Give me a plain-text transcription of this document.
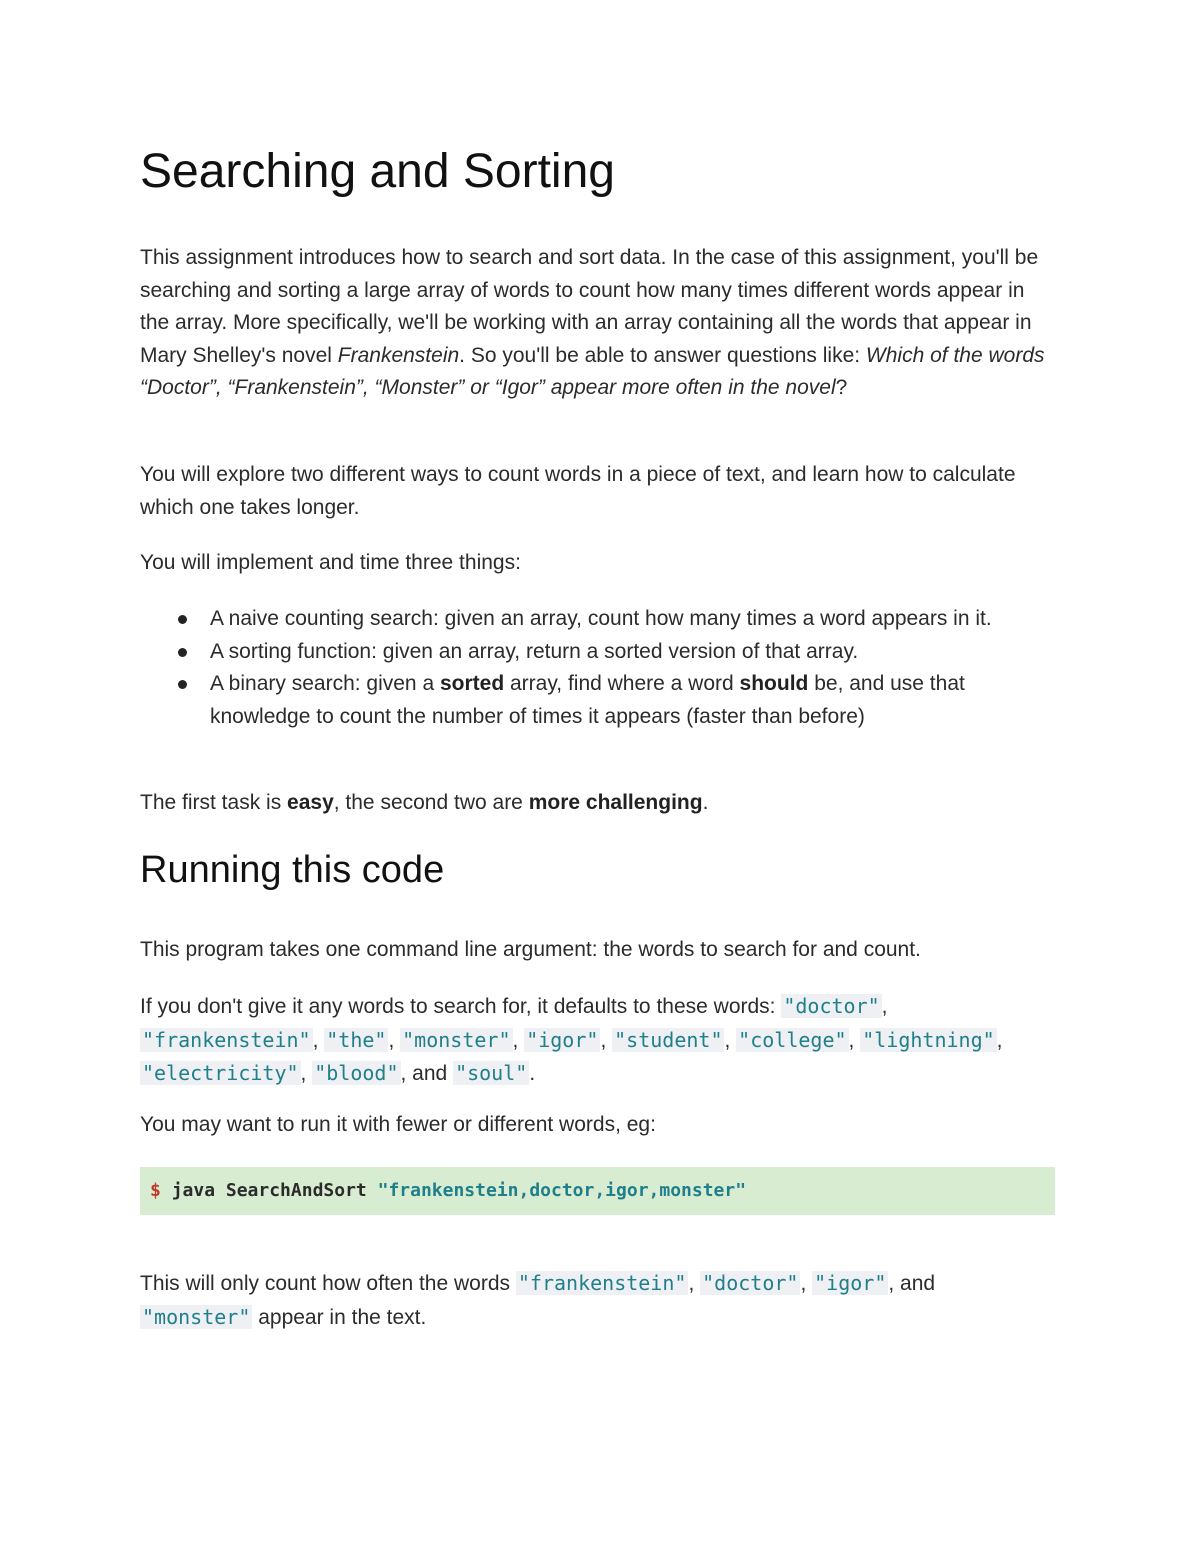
Searching and Sorting

This assignment introduces how to search and sort data. In the case of this assignment, you'll be searching and sorting a large array of words to count how many times different words appear in the array. More specifically, we'll be working with an array containing all the words that appear in Mary Shelley's novel Frankenstein. So you'll be able to answer questions like: Which of the words “Doctor”, “Frankenstein”, “Monster” or “Igor” appear more often in the novel?

You will explore two different ways to count words in a piece of text, and learn how to calculate which one takes longer.

You will implement and time three things:

A naive counting search: given an array, count how many times a word appears in it.
A sorting function: given an array, return a sorted version of that array.
A binary search: given a sorted array, find where a word should be, and use that knowledge to count the number of times it appears (faster than before)

The first task is easy, the second two are more challenging.

Running this code

This program takes one command line argument: the words to search for and count.

If you don't give it any words to search for, it defaults to these words: "doctor", "frankenstein", "the", "monster", "igor", "student", "college", "lightning", "electricity", "blood", and "soul".

You may want to run it with fewer or different words, eg:

$ java SearchAndSort "frankenstein,doctor,igor,monster"

This will only count how often the words "frankenstein", "doctor", "igor", and
"monster" appear in the text.
